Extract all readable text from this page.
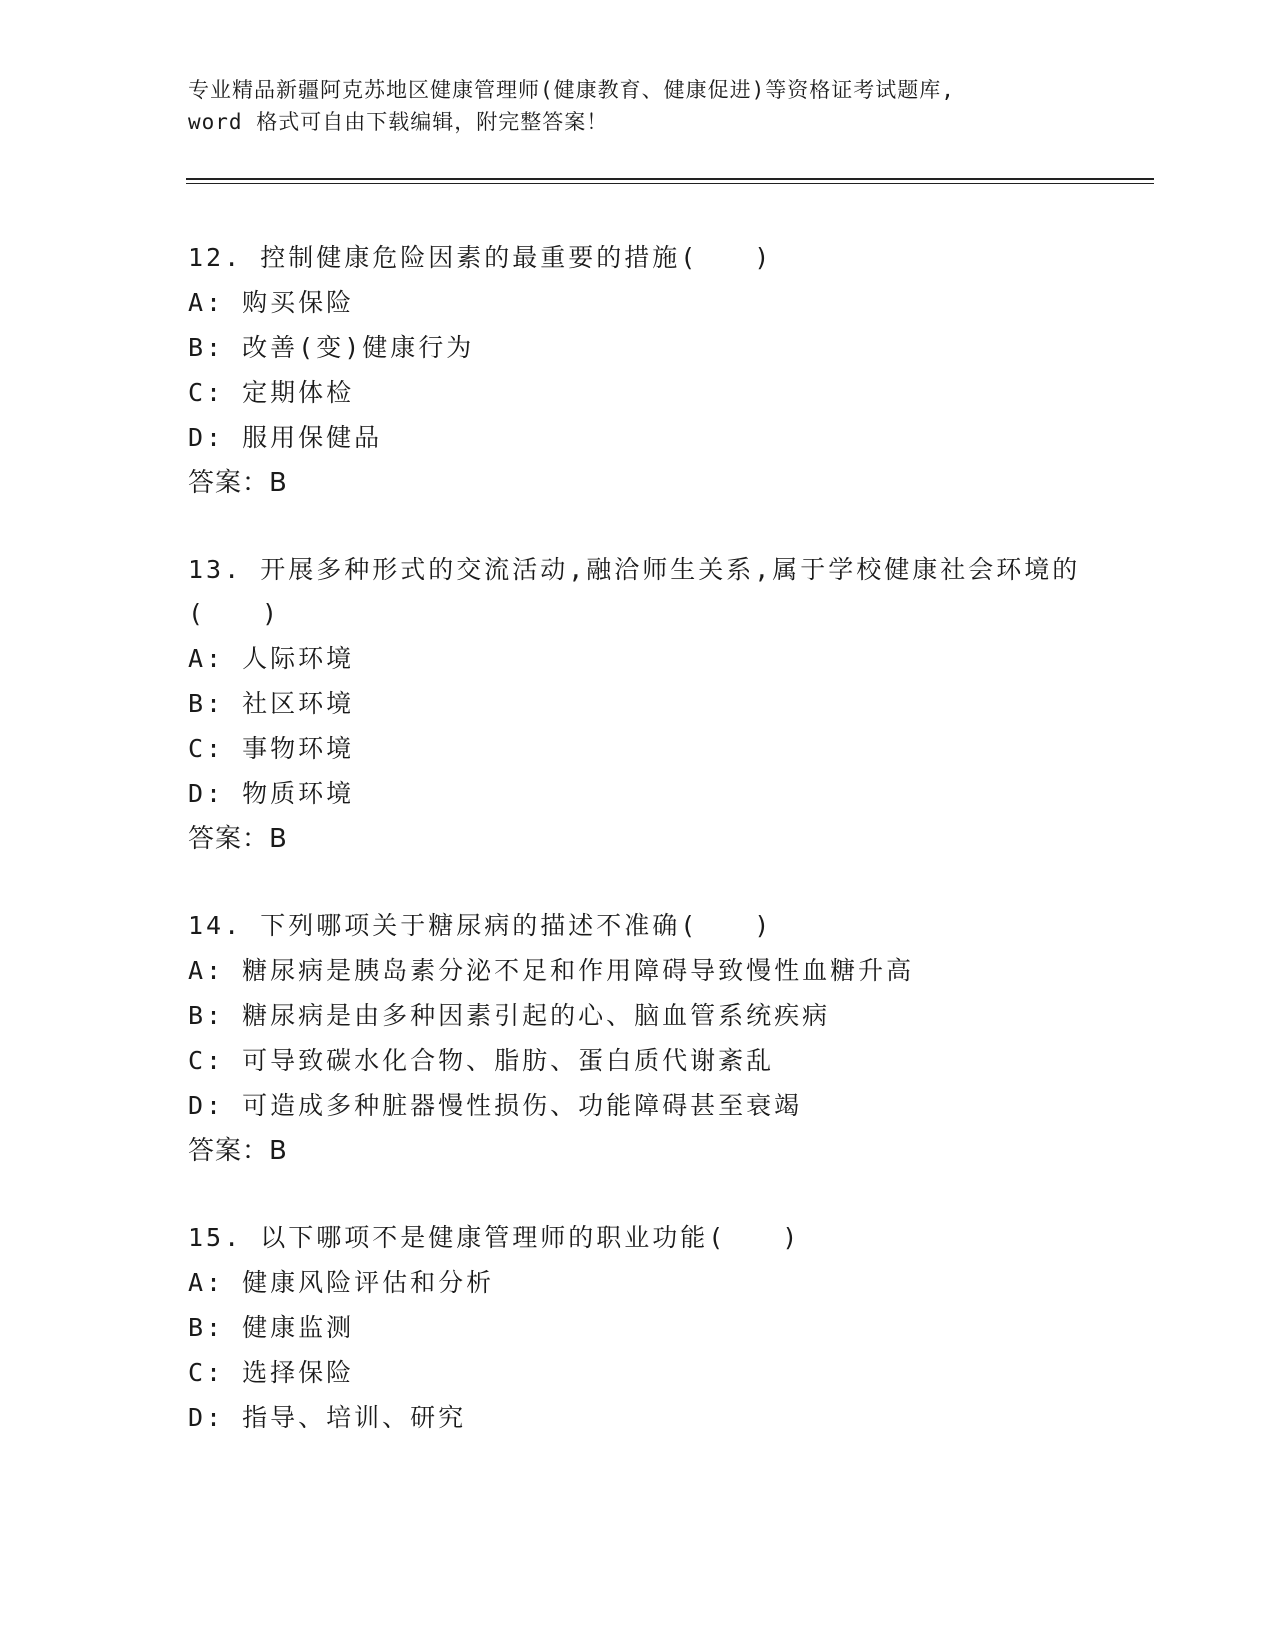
专业精品新疆阿克苏地区健康管理师(健康教育、健康促进)等资格证考试题库,
word 格式可自由下载编辑，附完整答案！
12. 控制健康危险因素的最重要的措施(　　)
A: 购买保险
B: 改善(变)健康行为
C: 定期体检
D: 服用保健品
答案：B
13. 开展多种形式的交流活动,融洽师生关系,属于学校健康社会环境的(　　)
A: 人际环境
B: 社区环境
C: 事物环境
D: 物质环境
答案：B
14. 下列哪项关于糖尿病的描述不准确(　　)
A: 糖尿病是胰岛素分泌不足和作用障碍导致慢性血糖升高
B: 糖尿病是由多种因素引起的心、脑血管系统疾病
C: 可导致碳水化合物、脂肪、蛋白质代谢紊乱
D: 可造成多种脏器慢性损伤、功能障碍甚至衰竭
答案：B
15. 以下哪项不是健康管理师的职业功能(　　)
A: 健康风险评估和分析
B: 健康监测
C: 选择保险
D: 指导、培训、研究
